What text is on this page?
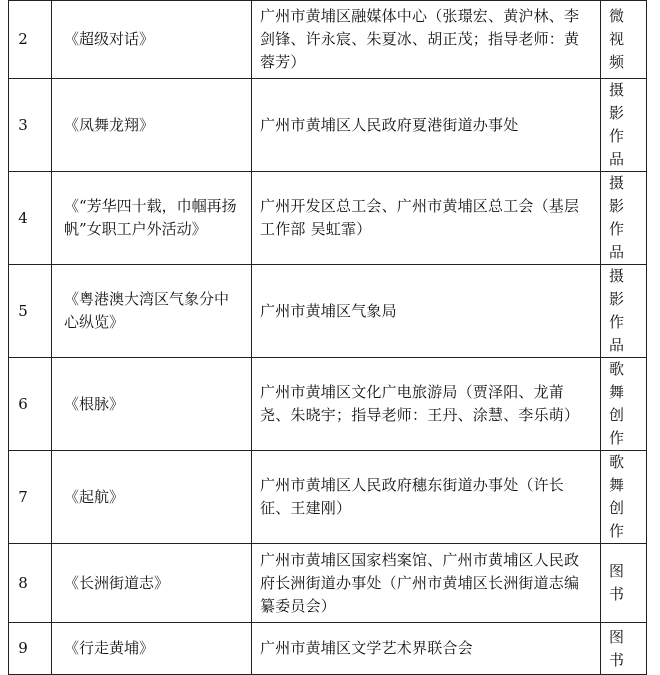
2	《超级对话》	广州市黄埔区融媒体中心（张璟宏、黄沪林、李剑锋、许永宸、朱夏冰、胡正茂；指导老师：黄蓉芳）	微视频
3	《凤舞龙翔》	广州市黄埔区人民政府夏港街道办事处	摄影作品
4	《“芳华四十载，巾帼再扬帆”女职工户外活动》	广州开发区总工会、广州市黄埔区总工会（基层工作部 吴虹霏）	摄影作品
5	《粤港澳大湾区气象分中心纵览》	广州市黄埔区气象局	摄影作品
6	《根脉》	广州市黄埔区文化广电旅游局（贾泽阳、龙莆尧、朱晓宇；指导老师：王丹、涂慧、李乐萌）	歌舞创作
7	《起航》	广州市黄埔区人民政府穗东街道办事处（许长征、王建刚）	歌舞创作
8	《长洲街道志》	广州市黄埔区国家档案馆、广州市黄埔区人民政府长洲街道办事处（广州市黄埔区长洲街道志编纂委员会）	图书
9	《行走黄埔》	广州市黄埔区文学艺术界联合会	图书
